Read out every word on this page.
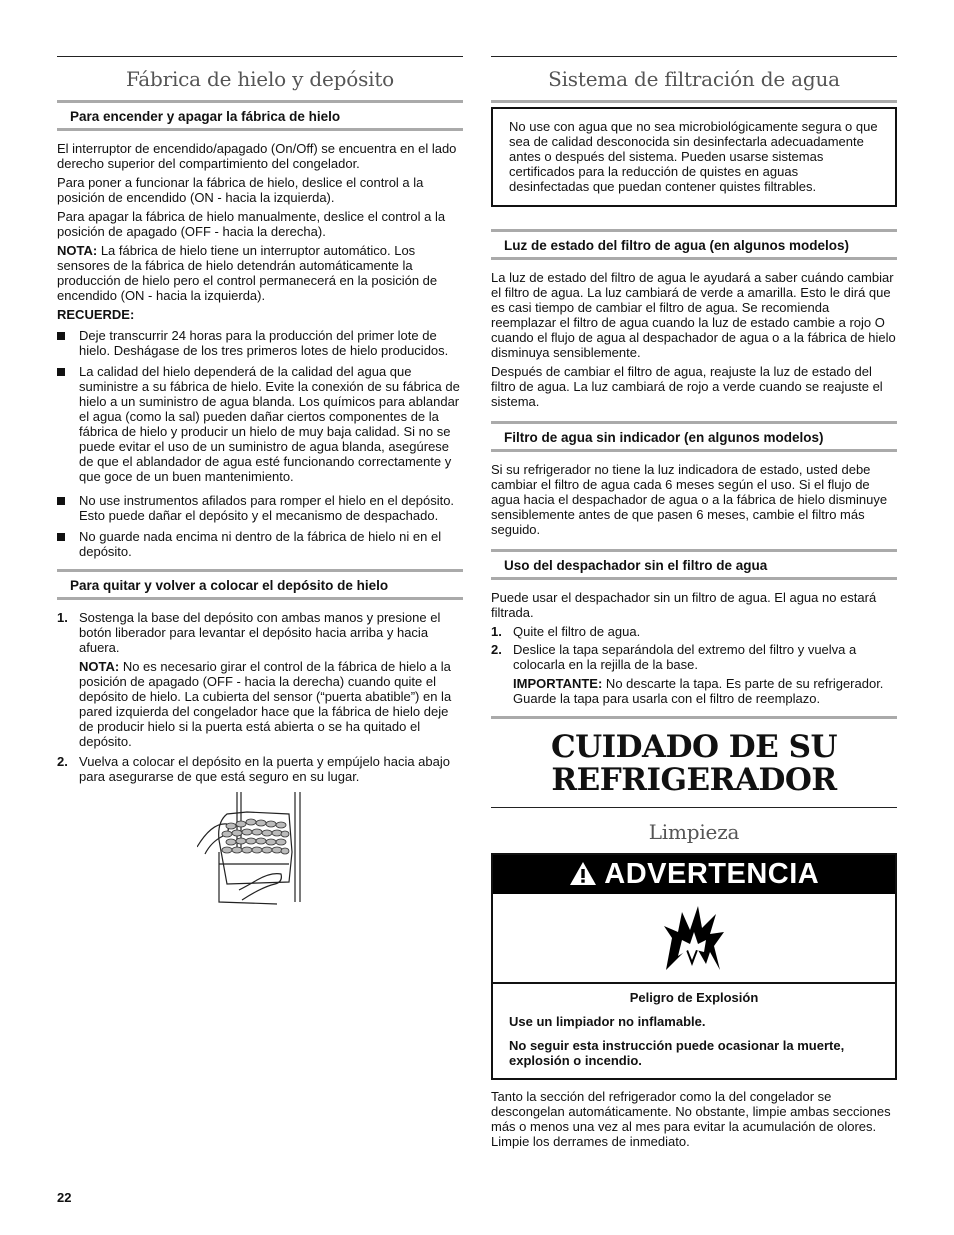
Fábrica de hielo y depósito
Para encender y apagar la fábrica de hielo

El interruptor de encendido/apagado (On/Off) se encuentra en el lado derecho superior del compartimiento del congelador.

Para poner a funcionar la fábrica de hielo, deslice el control a la posición de encendido (ON - hacia la izquierda).

Para apagar la fábrica de hielo manualmente, deslice el control a la posición de apagado (OFF - hacia la derecha).

NOTA: La fábrica de hielo tiene un interruptor automático. Los sensores de la fábrica de hielo detendrán automáticamente la producción de hielo pero el control permanecerá en la posición de encendido (ON - hacia la izquierda).

RECUERDE:

Deje transcurrir 24 horas para la producción del primer lote de hielo. Deshágase de los tres primeros lotes de hielo producidos.
La calidad del hielo dependerá de la calidad del agua que suministre a su fábrica de hielo. Evite la conexión de su fábrica de hielo a un suministro de agua blanda. Los químicos para ablandar el agua (como la sal) pueden dañar ciertos componentes de la fábrica de hielo y producir un hielo de muy baja calidad. Si no se puede evitar el uso de un suministro de agua blanda, asegúrese de que el ablandador de agua esté funcionando correctamente y que goce de un buen mantenimiento.
No use instrumentos afilados para romper el hielo en el depósito. Esto puede dañar el depósito y el mecanismo de despachado.
No guarde nada encima ni dentro de la fábrica de hielo ni en el depósito.
Para quitar y volver a colocar el depósito de hielo
1. Sostenga la base del depósito con ambas manos y presione el botón liberador para levantar el depósito hacia arriba y hacia afuera.
NOTA: No es necesario girar el control de la fábrica de hielo a la posición de apagado (OFF - hacia la derecha) cuando quite el depósito de hielo. La cubierta del sensor (“puerta abatible”) en la pared izquierda del congelador hace que la fábrica de hielo deje de producir hielo si la puerta está abierta o se ha quitado el depósito.
2. Vuelva a colocar el depósito en la puerta y empújelo hacia abajo para asegurarse de que está seguro en su lugar.
Sistema de filtración de agua

No use con agua que no sea microbiológicamente segura o que sea de calidad desconocida sin desinfectarla adecuadamente antes o después del sistema. Pueden usarse sistemas certificados para la reducción de quistes en aguas desinfectadas que puedan contener quistes filtrables.

Luz de estado del filtro de agua (en algunos modelos)

La luz de estado del filtro de agua le ayudará a saber cuándo cambiar el filtro de agua. La luz cambiará de verde a amarilla. Esto le dirá que es casi tiempo de cambiar el filtro de agua. Se recomienda reemplazar el filtro de agua cuando la luz de estado cambie a rojo O cuando el flujo de agua al despachador de agua o a la fábrica de hielo disminuya sensiblemente.

Después de cambiar el filtro de agua, reajuste la luz de estado del filtro de agua. La luz cambiará de rojo a verde cuando se reajuste el sistema.

Filtro de agua sin indicador (en algunos modelos)

Si su refrigerador no tiene la luz indicadora de estado, usted debe cambiar el filtro de agua cada 6 meses según el uso. Si el flujo de agua hacia el despachador de agua o a la fábrica de hielo disminuye sensiblemente antes de que pasen 6 meses, cambie el filtro más seguido.

Uso del despachador sin el filtro de agua

Puede usar el despachador sin un filtro de agua. El agua no estará filtrada.

1. Quite el filtro de agua.
2. Deslice la tapa separándola del extremo del filtro y vuelva a colocarla en la rejilla de la base.
IMPORTANTE: No descarte la tapa. Es parte de su refrigerador. Guarde la tapa para usarla con el filtro de reemplazo.
CUIDADO DE SU
REFRIGERADOR
Limpieza
ADVERTENCIA

Peligro de Explosión

Use un limpiador no inflamable.

No seguir esta instrucción puede ocasionar la muerte, explosión o incendio.

Tanto la sección del refrigerador como la del congelador se descongelan automáticamente. No obstante, limpie ambas secciones más o menos una vez al mes para evitar la acumulación de olores. Limpie los derrames de inmediato.

22
